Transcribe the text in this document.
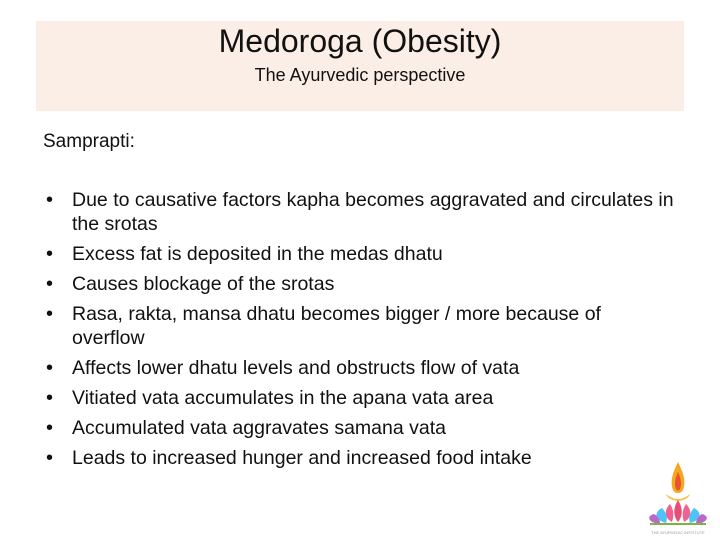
Medoroga (Obesity)
The Ayurvedic perspective
Samprapti:
• Due to causative factors kapha becomes aggravated and circulates in the srotas
• Excess fat is deposited in the medas dhatu
• Causes blockage of the srotas
• Rasa, rakta, mansa dhatu becomes bigger / more because of overflow
• Affects lower dhatu levels and obstructs flow of vata
• Vitiated vata accumulates in the apana vata area
• Accumulated vata aggravates samana vata
• Leads to increased hunger and increased food intake
THE AYURVEDIC INSTITUTE
